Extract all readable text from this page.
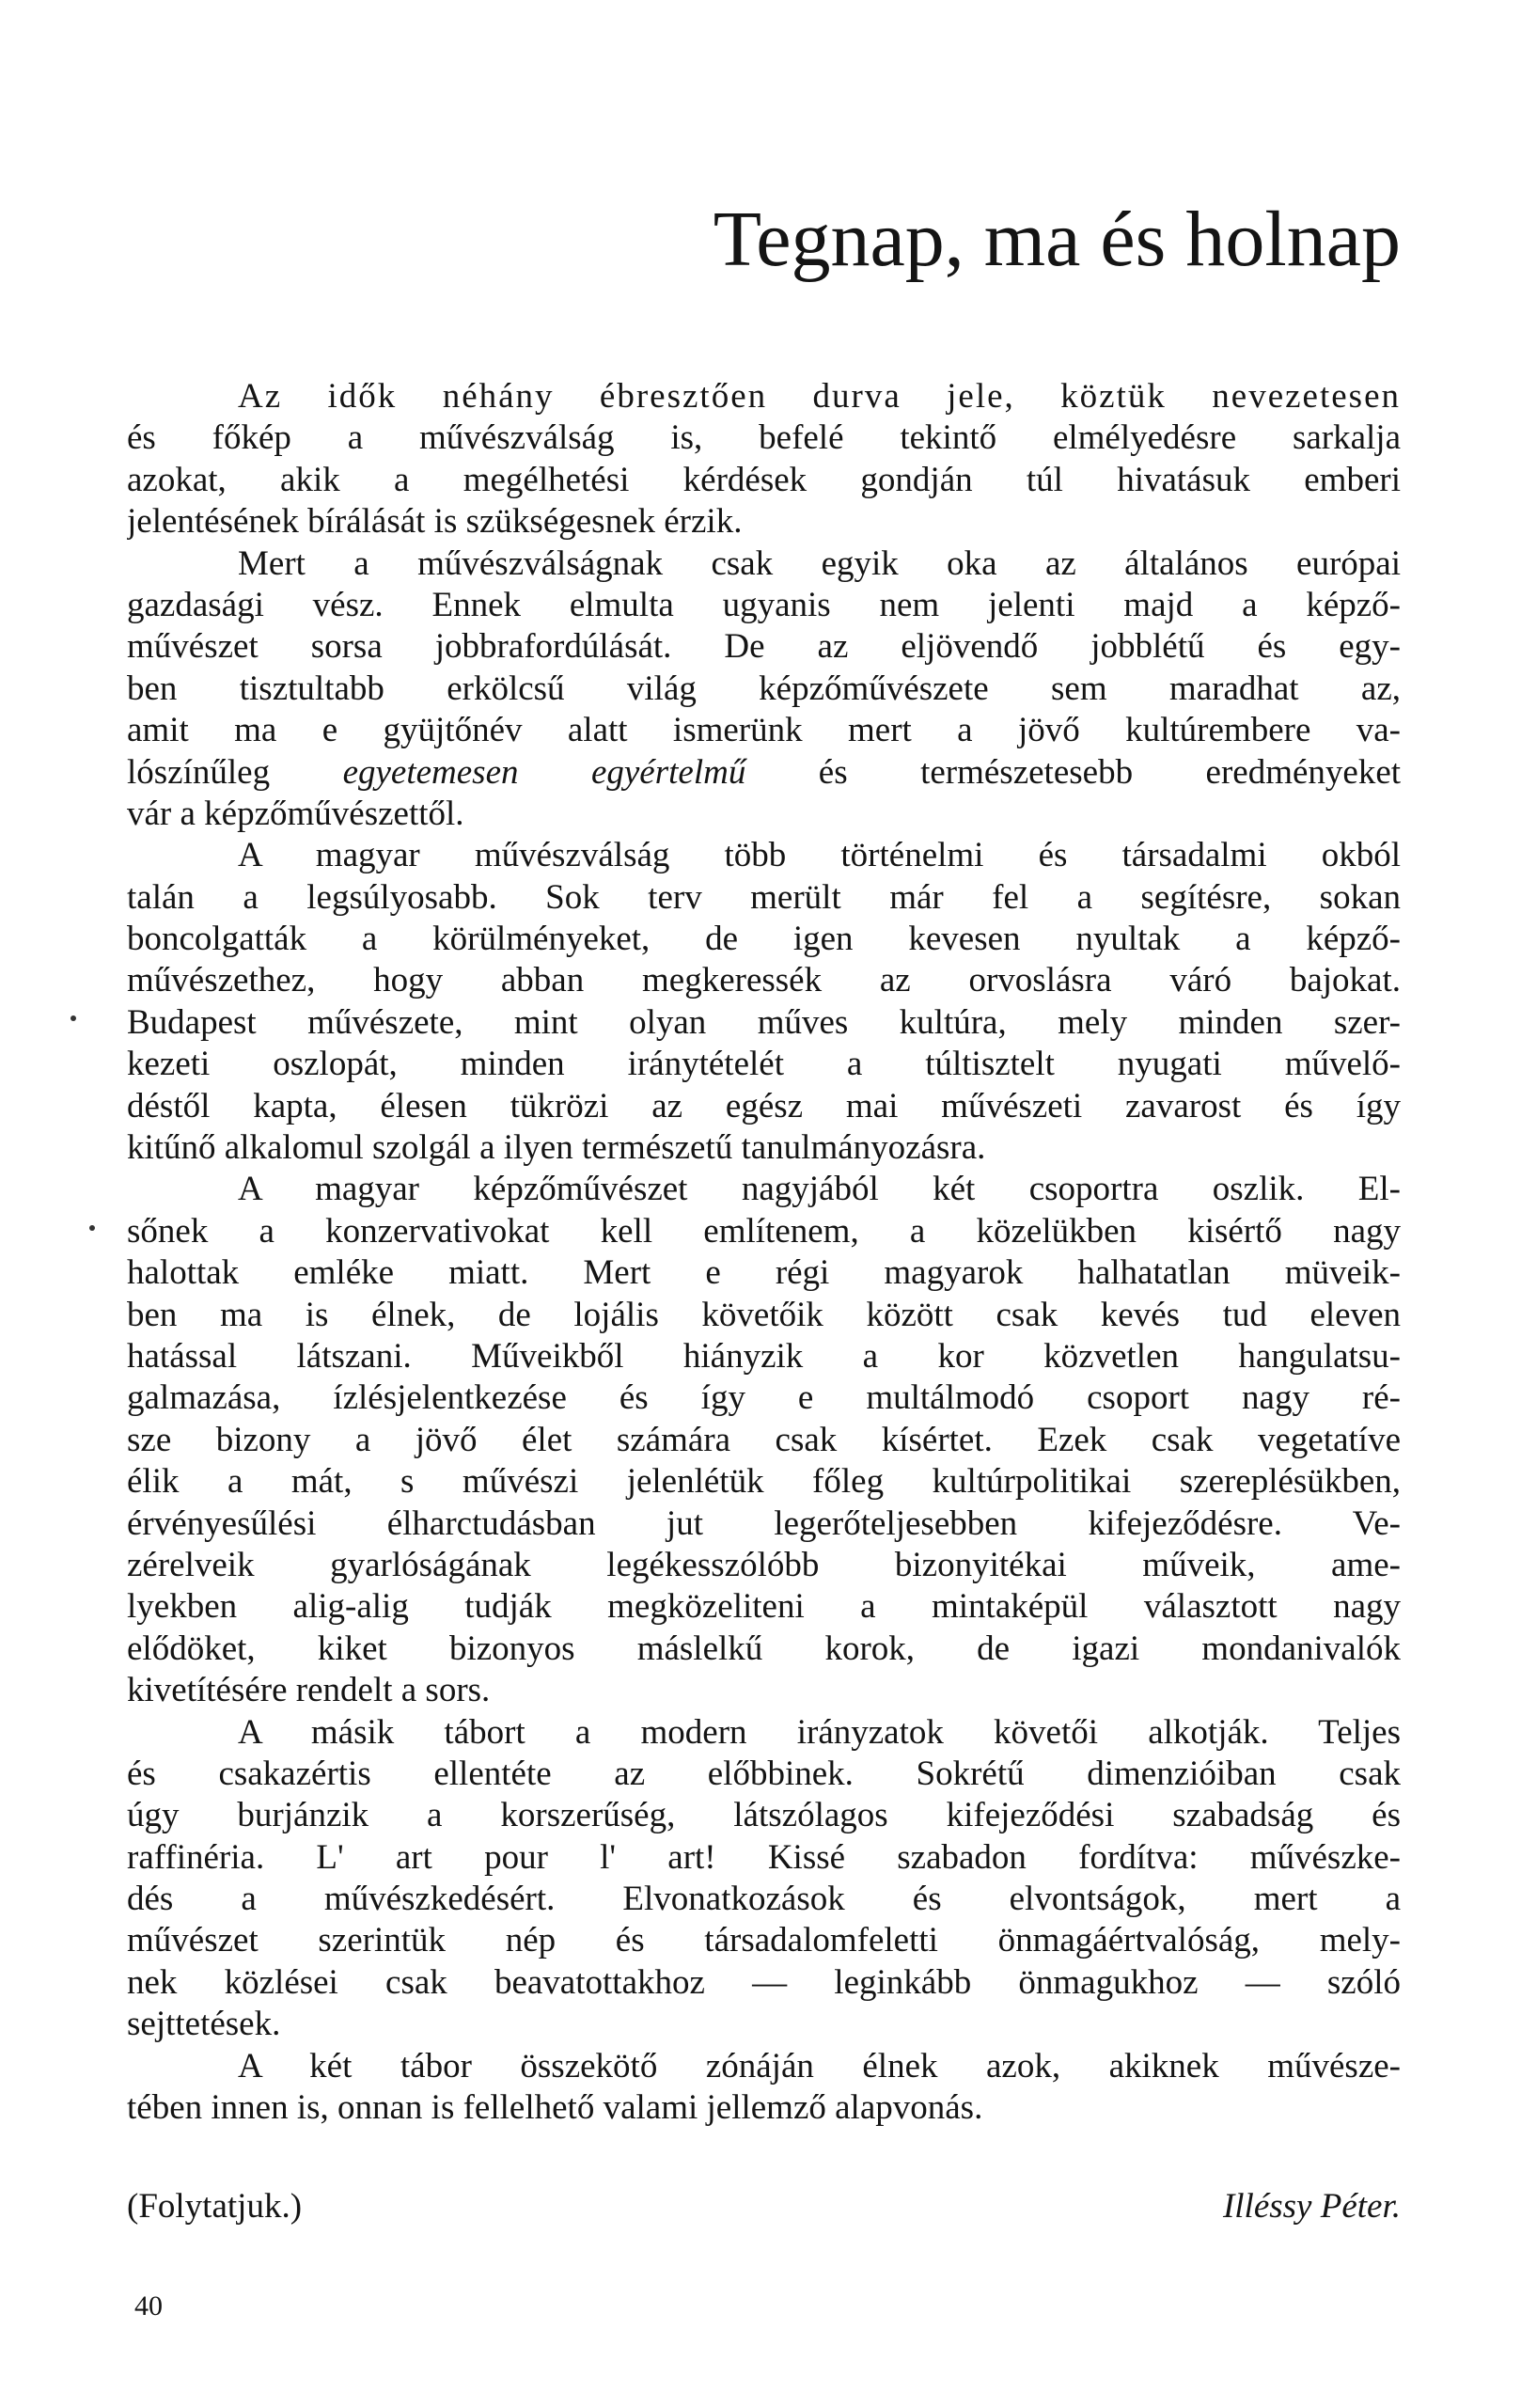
Tegnap, ma és holnap
Az idők néhány ébresztően durva jele, köztük nevezetesen
és főkép a művészválság is, befelé tekintő elmélyedésre sarkalja
azokat, akik a megélhetési kérdések gondján túl hivatásuk emberi
jelentésének bírálását is szükségesnek érzik.
Mert a művészválságnak csak egyik oka az általános európai
gazdasági vész. Ennek elmulta ugyanis nem jelenti majd a képző-
művészet sorsa jobbrafordúlását. De az eljövendő jobblétű és egy-
ben tisztultabb erkölcsű világ képzőművészete sem maradhat az,
amit ma e gyüjtőnév alatt ismerünk mert a jövő kultúrembere va-
lószínűleg egyetemesen egyértelmű és természetesebb eredményeket
vár a képzőművészettől.
A magyar művészválság több történelmi és társadalmi okból
talán a legsúlyosabb. Sok terv merült már fel a segítésre, sokan
boncolgatták a körülményeket, de igen kevesen nyultak a képző-
művészethez, hogy abban megkeressék az orvoslásra váró bajokat.
Budapest művészete, mint olyan műves kultúra, mely minden szer-
kezeti oszlopát, minden iránytételét a túltisztelt nyugati művelő-
déstől kapta, élesen tükrözi az egész mai művészeti zavarost és így
kitűnő alkalomul szolgál a ilyen természetű tanulmányozásra.
A magyar képzőművészet nagyjából két csoportra oszlik. El-
sőnek a konzervativokat kell említenem, a közelükben kisértő nagy
halottak emléke miatt. Mert e régi magyarok halhatatlan müveik-
ben ma is élnek, de lojális követőik között csak kevés tud eleven
hatással látszani. Műveikből hiányzik a kor közvetlen hangulatsu-
galmazása, ízlésjelentkezése és így e multálmodó csoport nagy ré-
sze bizony a jövő élet számára csak kísértet. Ezek csak vegetatíve
élik a mát, s művészi jelenlétük főleg kultúrpolitikai szereplésükben,
érvényesűlési élharctudásban jut legerőteljesebben kifejeződésre. Ve-
zérelveik gyarlóságának legékesszólóbb bizonyitékai műveik, ame-
lyekben alig-alig tudják megközeliteni a mintaképül választott nagy
elődöket, kiket bizonyos máslelkű korok, de igazi mondanivalók
kivetítésére rendelt a sors.
A másik tábort a modern irányzatok követői alkotják. Teljes
és csakazértis ellentéte az előbbinek. Sokrétű dimenzióiban csak
úgy burjánzik a korszerűség, látszólagos kifejeződési szabadság és
raffinéria. L' art pour l' art! Kissé szabadon fordítva: művészke-
dés a művészkedésért. Elvonatkozások és elvontságok, mert a
művészet szerintük nép és társadalomfeletti önmagáértvalóság, mely-
nek közlései csak beavatottakhoz — leginkább önmagukhoz — szóló
sejttetések.
A két tábor összekötő zónáján élnek azok, akiknek művésze-
tében innen is, onnan is fellelhető valami jellemző alapvonás.
(Folytatjuk.)	Illéssy Péter.
40
